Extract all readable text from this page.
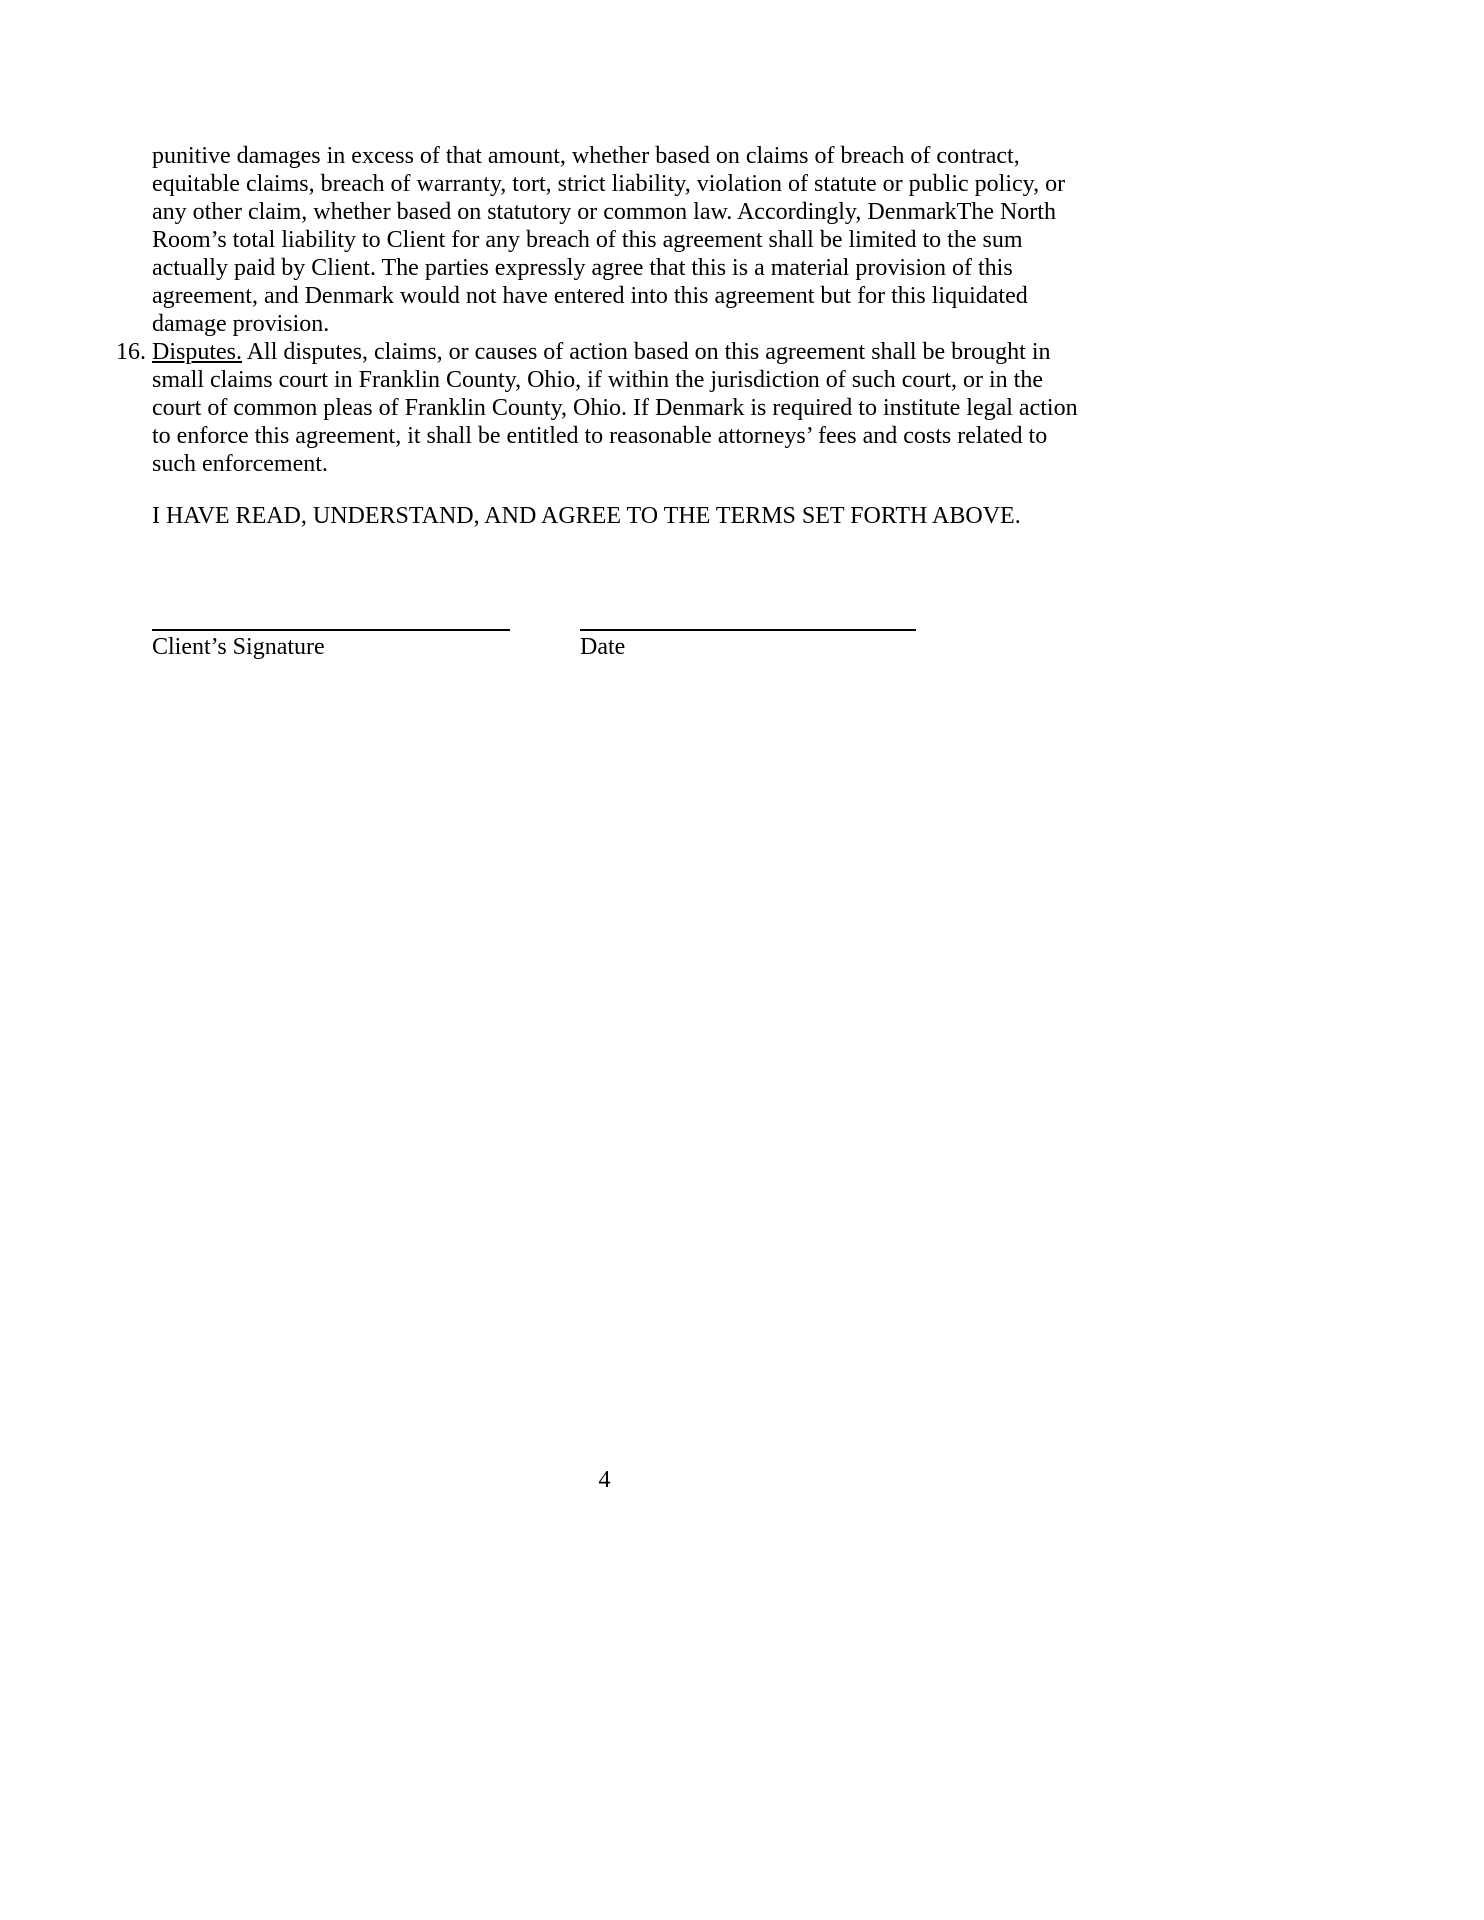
punitive damages in excess of that amount, whether based on claims of breach of contract, equitable claims, breach of warranty, tort, strict liability, violation of statute or public policy, or any other claim, whether based on statutory or common law. Accordingly, DenmarkThe North Room’s total liability to Client for any breach of this agreement shall be limited to the sum actually paid by Client. The parties expressly agree that this is a material provision of this agreement, and Denmark would not have entered into this agreement but for this liquidated damage provision.
16. Disputes. All disputes, claims, or causes of action based on this agreement shall be brought in small claims court in Franklin County, Ohio, if within the jurisdiction of such court, or in the court of common pleas of Franklin County, Ohio. If Denmark is required to institute legal action to enforce this agreement, it shall be entitled to reasonable attorneys’ fees and costs related to such enforcement.
I HAVE READ, UNDERSTAND, AND AGREE TO THE TERMS SET FORTH ABOVE.
Client’s Signature	Date
4
